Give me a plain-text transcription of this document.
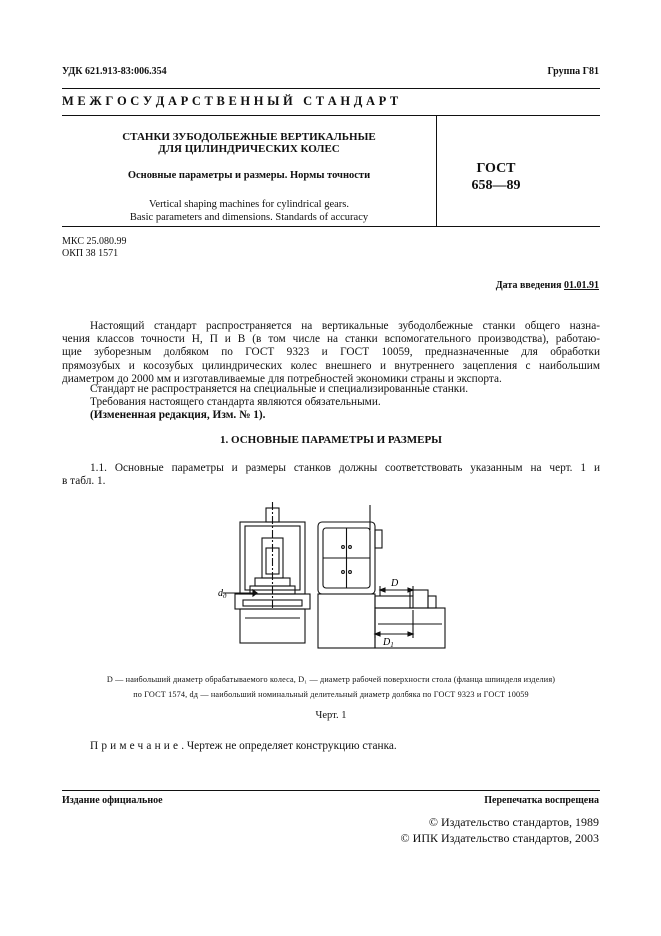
УДК 621.913-83:006.354	Группа Г81
М Е Ж Г О С У Д А Р С Т В Е Н Н Ы Й   С Т А Н Д А Р Т
СТАНКИ ЗУБОДОЛБЕЖНЫЕ ВЕРТИКАЛЬНЫЕ
ДЛЯ ЦИЛИНДРИЧЕСКИХ КОЛЕС
Основные параметры и размеры. Нормы точности
Vertical shaping machines for cylindrical gears.
Basic parameters and dimensions. Standards of accuracy
ГОСТ
658—89
МКС 25.080.99
ОКП 38 1571
Дата введения 01.01.91
Настоящий стандарт распространяется на вертикальные зубодолбежные станки общего назна-
чения классов точности Н, П и В (в том числе на станки вспомогательного производства), работаю-
щие зуборезным долбяком по ГОСТ 9323 и ГОСТ 10059, предназначенные для обработки
прямозубых и косозубых цилиндрических колес внешнего и внутреннего зацепления с наибольшим
диаметром до 2000 мм и изготавливаемые для потребностей экономики страны и экспорта.
Стандарт не распространяется на специальные и специализированные станки.
Требования настоящего стандарта являются обязательными.
(Измененная редакция, Изм. № 1).
1. ОСНОВНЫЕ ПАРАМЕТРЫ И РАЗМЕРЫ
1.1. Основные параметры и размеры станков должны соответствовать указанным на черт. 1 и
в табл. 1.
$d_д$
D
$D_1$
D — наибольший диаметр обрабатываемого колеса, D₁ — диаметр рабочей поверхности стола (фланца шпинделя изделия)
по ГОСТ 1574, dд — наибольший номинальный делительный диаметр долбяка по ГОСТ 9323 и ГОСТ 10059
Черт. 1
Примечание. Чертеж не определяет конструкцию станка.
Издание официальное	Перепечатка воспрещена
© Издательство стандартов, 1989
© ИПК Издательство стандартов, 2003
